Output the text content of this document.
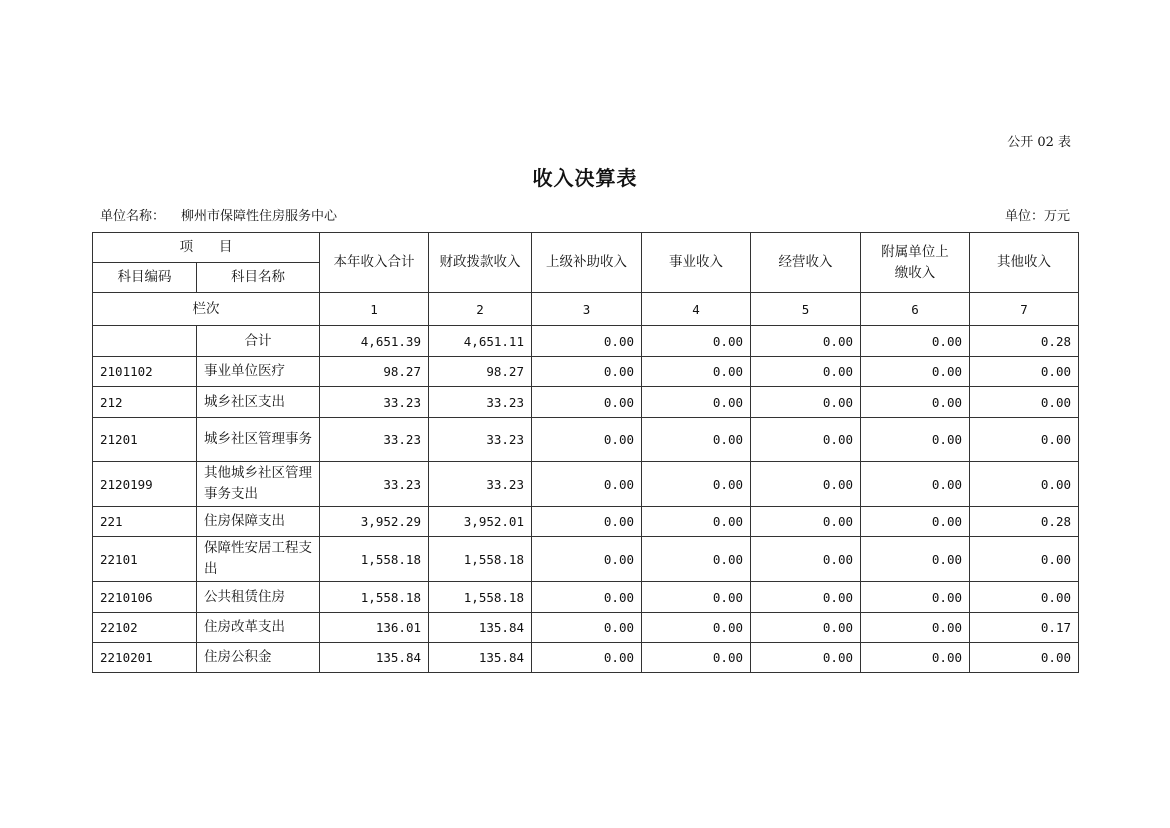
公开 02 表
收入决算表
单位名称： 柳州市保障性住房服务中心	单位：万元
项      目		本年收入合计	财政拨款收入	上级补助收入	事业收入	经营收入	附属单位上缴收入	其他收入
科目编码	科目名称							
栏次		1	2	3	4	5	6	7
	合计	4,651.39	4,651.11	0.00	0.00	0.00	0.00	0.28
2101102	事业单位医疗	98.27	98.27	0.00	0.00	0.00	0.00	0.00
212	城乡社区支出	33.23	33.23	0.00	0.00	0.00	0.00	0.00
21201	城乡社区管理事务	33.23	33.23	0.00	0.00	0.00	0.00	0.00
2120199	其他城乡社区管理事务支出	33.23	33.23	0.00	0.00	0.00	0.00	0.00
221	住房保障支出	3,952.29	3,952.01	0.00	0.00	0.00	0.00	0.28
22101	保障性安居工程支出	1,558.18	1,558.18	0.00	0.00	0.00	0.00	0.00
2210106	公共租赁住房	1,558.18	1,558.18	0.00	0.00	0.00	0.00	0.00
22102	住房改革支出	136.01	135.84	0.00	0.00	0.00	0.00	0.17
2210201	住房公积金	135.84	135.84	0.00	0.00	0.00	0.00	0.00
